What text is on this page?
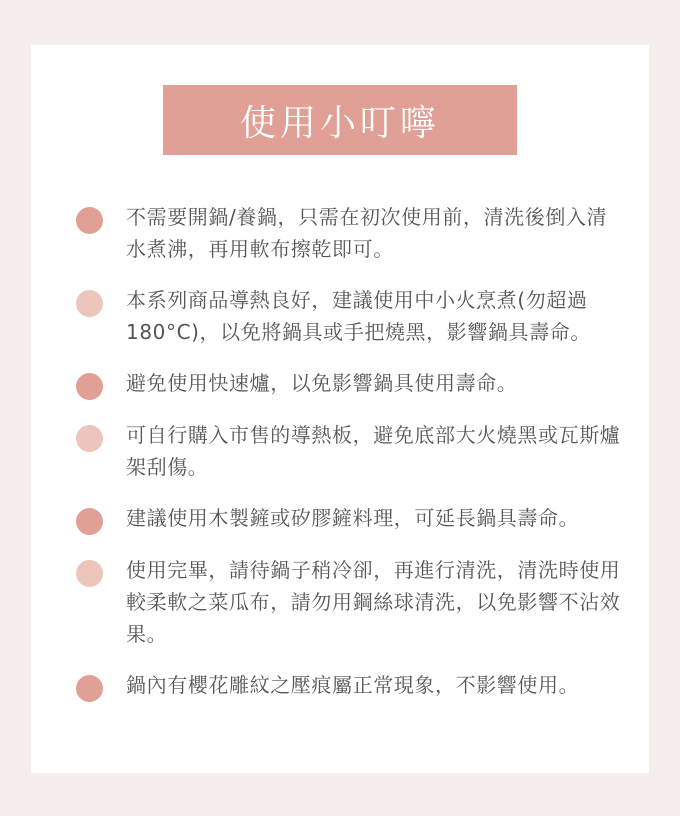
使用小叮嚀
不需要開鍋/養鍋，只需在初次使用前，清洗後倒入清水煮沸，再用軟布擦乾即可。
本系列商品導熱良好，建議使用中小火烹煮(勿超過180°C)，以免將鍋具或手把燒黑，影響鍋具壽命。
避免使用快速爐，以免影響鍋具使用壽命。
可自行購入市售的導熱板，避免底部大火燒黑或瓦斯爐架刮傷。
建議使用木製鏟或矽膠鏟料理，可延長鍋具壽命。
使用完畢，請待鍋子稍冷卻，再進行清洗，清洗時使用較柔軟之菜瓜布，請勿用鋼絲球清洗，以免影響不沾效果。
鍋內有櫻花雕紋之壓痕屬正常現象，不影響使用。
